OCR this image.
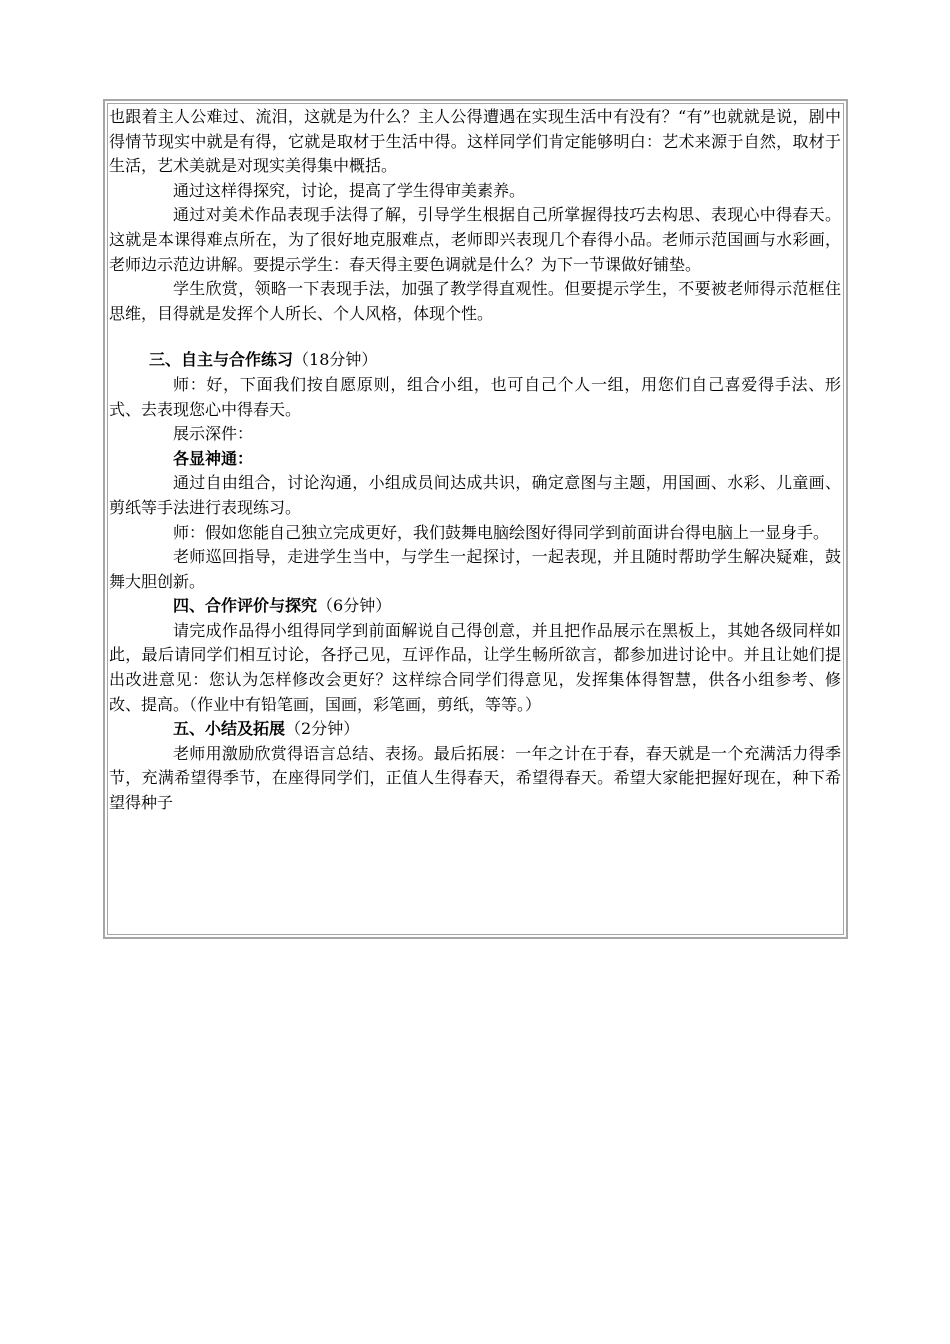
也跟着主人公难过、流泪，这就是为什么？主人公得遭遇在实现生活中有没有？“有”也就就是说，剧中得情节现实中就是有得，它就是取材于生活中得。这样同学们肯定能够明白：艺术来源于自然，取材于生活，艺术美就是对现实美得集中概括。

通过这样得探究，讨论，提高了学生得审美素养。

通过对美术作品表现手法得了解，引导学生根据自己所掌握得技巧去构思、表现心中得春天。这就是本课得难点所在，为了很好地克服难点，老师即兴表现几个春得小品。老师示范国画与水彩画，老师边示范边讲解。要提示学生：春天得主要色调就是什么？为下一节课做好铺垫。

学生欣赏，领略一下表现手法，加强了教学得直观性。但要提示学生，不要被老师得示范框住思维，目得就是发挥个人所长、个人风格，体现个性。

三、自主与合作练习（18分钟）

师：好，下面我们按自愿原则，组合小组，也可自己个人一组，用您们自己喜爱得手法、形式、去表现您心中得春天。

展示深件：

各显神通：

通过自由组合，讨论沟通，小组成员间达成共识，确定意图与主题，用国画、水彩、儿童画、剪纸等手法进行表现练习。

师：假如您能自己独立完成更好，我们鼓舞电脑绘图好得同学到前面讲台得电脑上一显身手。

老师巡回指导，走进学生当中，与学生一起探讨，一起表现，并且随时帮助学生解决疑难，鼓舞大胆创新。

四、合作评价与探究（6分钟）

请完成作品得小组得同学到前面解说自己得创意，并且把作品展示在黑板上，其她各级同样如此，最后请同学们相互讨论，各抒己见，互评作品，让学生畅所欲言，都参加进讨论中。并且让她们提出改进意见：您认为怎样修改会更好？这样综合同学们得意见，发挥集体得智慧，供各小组参考、修改、提高。（作业中有铅笔画，国画，彩笔画，剪纸，等等。）

五、小结及拓展（2分钟）

老师用激励欣赏得语言总结、表扬。最后拓展：一年之计在于春，春天就是一个充满活力得季节，充满希望得季节，在座得同学们，正值人生得春天，希望得春天。希望大家能把握好现在，种下希望得种子
